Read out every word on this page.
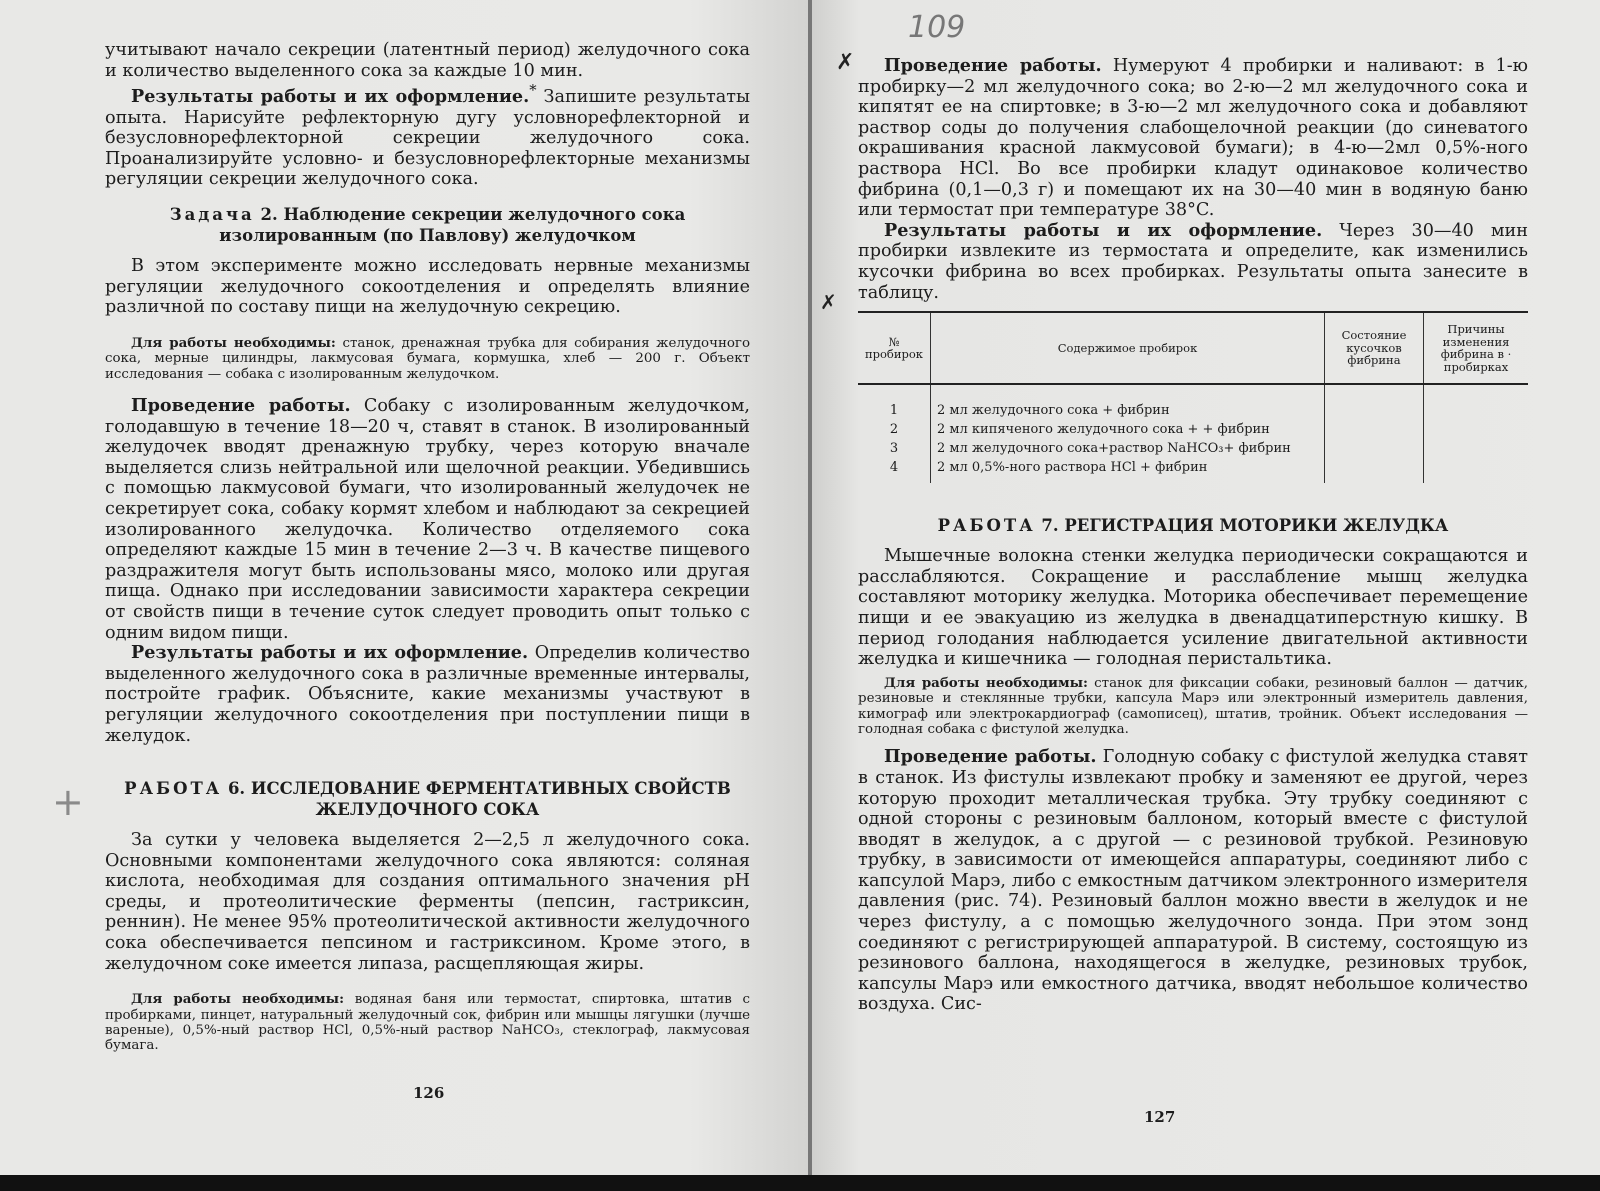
учитывают начало секреции (латентный период) желудочного сока и количество выделенного сока за каждые 10 мин.

Результаты работы и их оформление.* Запишите результаты опыта. Нарисуйте рефлекторную дугу условнорефлекторной и безусловнорефлекторной секреции желудочного сока. Проанализируйте условно- и безусловнорефлекторные механизмы регуляции секреции желудочного сока.

Задача 2. Наблюдение секреции желудочного сока изолированным (по Павлову) желудочком

В этом эксперименте можно исследовать нервные механизмы регуляции желудочного сокоотделения и определять влияние различной по составу пищи на желудочную секрецию.

Для работы необходимы: станок, дренажная трубка для собирания желудочного сока, мерные цилиндры, лакмусовая бумага, кормушка, хлеб — 200 г. Объект исследования — собака с изолированным желудочком.

Проведение работы. Собаку с изолированным желудочком, голодавшую в течение 18—20 ч, ставят в станок. В изолированный желудочек вводят дренажную трубку, через которую вначале выделяется слизь нейтральной или щелочной реакции. Убедившись с помощью лакмусовой бумаги, что изолированный желудочек не секретирует сока, собаку кормят хлебом и наблюдают за секрецией изолированного желудочка. Количество отделяемого сока определяют каждые 15 мин в течение 2—3 ч. В качестве пищевого раздражителя могут быть использованы мясо, молоко или другая пища. Однако при исследовании зависимости характера секреции от свойств пищи в течение суток следует проводить опыт только с одним видом пищи.

Результаты работы и их оформление. Определив количество выделенного желудочного сока в различные временные интервалы, постройте график. Объясните, какие механизмы участвуют в регуляции желудочного сокоотделения при поступлении пищи в желудок.

РАБОТА 6. ИССЛЕДОВАНИЕ ФЕРМЕНТАТИВНЫХ СВОЙСТВ ЖЕЛУДОЧНОГО СОКА

За сутки у человека выделяется 2—2,5 л желудочного сока. Основными компонентами желудочного сока являются: соляная кислота, необходимая для создания оптимального значения pH среды, и протеолитические ферменты (пепсин, гастриксин, реннин). Не менее 95% протеолитической активности желудочного сока обеспечивается пепсином и гастриксином. Кроме этого, в желудочном соке имеется липаза, расщепляющая жиры.

Для работы необходимы: водяная баня или термостат, спиртовка, штатив с пробирками, пинцет, натуральный желудочный сок, фибрин или мышцы лягушки (лучше вареные), 0,5%-ный раствор HCl, 0,5%-ный раствор NaHCO₃, стеклограф, лакмусовая бумага.

126
+
109
✗
✗

Проведение работы. Нумеруют 4 пробирки и наливают: в 1-ю пробирку—2 мл желудочного сока; во 2-ю—2 мл желудочного сока и кипятят ее на спиртовке; в 3-ю—2 мл желудочного сока и добавляют раствор соды до получения слабощелочной реакции (до синеватого окрашивания красной лакмусовой бумаги); в 4-ю—2мл 0,5%-ного раствора HCl. Во все пробирки кладут одинаковое количество фибрина (0,1—0,3 г) и помещают их на 30—40 мин в водяную баню или термостат при температуре 38°C.

Результаты работы и их оформление. Через 30—40 мин пробирки извлеките из термостата и определите, как изменились кусочки фибрина во всех пробирках. Результаты опыта занесите в таблицу.

№ пробирок	Содержимое пробирок	Состояние кусочков фибрина	Причины изменения фибрина в · пробирках
1	2 мл желудочного сока + фибрин		
2	2 мл кипяченого желудочного сока + + фибрин		
3	2 мл желудочного сока+раствор NaHCO₃+ фибрин		
4	2 мл 0,5%-ного раствора HCl + фибрин		
РАБОТА 7. РЕГИСТРАЦИЯ МОТОРИКИ ЖЕЛУДКА

Мышечные волокна стенки желудка периодически сокращаются и расслабляются. Сокращение и расслабление мышц желудка составляют моторику желудка. Моторика обеспечивает перемещение пищи и ее эвакуацию из желудка в двенадцатиперстную кишку. В период голодания наблюдается усиление двигательной активности желудка и кишечника — голодная перистальтика.

Для работы необходимы: станок для фиксации собаки, резиновый баллон — датчик, резиновые и стеклянные трубки, капсула Марэ или электронный измеритель давления, кимограф или электрокардиограф (самописец), штатив, тройник. Объект исследования — голодная собака с фистулой желудка.

Проведение работы. Голодную собаку с фистулой желудка ставят в станок. Из фистулы извлекают пробку и заменяют ее другой, через которую проходит металлическая трубка. Эту трубку соединяют с одной стороны с резиновым баллоном, который вместе с фистулой вводят в желудок, а с другой — с резиновой трубкой. Резиновую трубку, в зависимости от имеющейся аппаратуры, соединяют либо с капсулой Марэ, либо с емкостным датчиком электронного измерителя давления (рис. 74). Резиновый баллон можно ввести в желудок и не через фистулу, а с помощью желудочного зонда. При этом зонд соединяют с регистрирующей аппаратурой. В систему, состоящую из резинового баллона, находящегося в желудке, резиновых трубок, капсулы Марэ или емкостного датчика, вводят небольшое количество воздуха. Сис-

127
